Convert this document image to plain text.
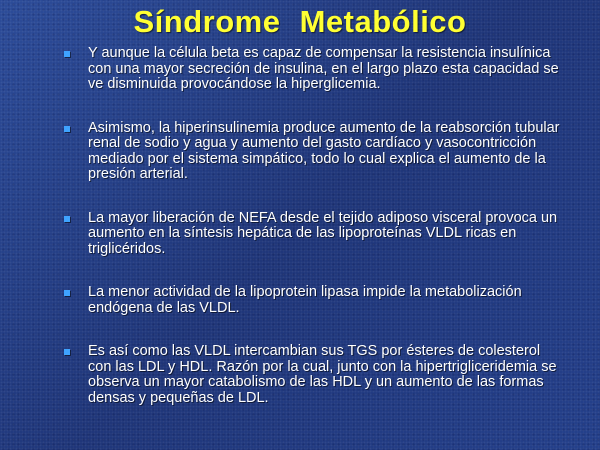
Síndrome Metabólico
Y aunque la célula beta es capaz de compensar la resistencia insulínica con una mayor secreción de insulina, en el largo plazo esta capacidad se ve disminuida provocándose la hiperglicemia.
Asimismo, la hiperinsulinemia produce aumento de la reabsorción tubular renal de sodio y agua y aumento del gasto cardíaco y vasocontricción mediado por el sistema simpático, todo lo cual explica el aumento de la presión arterial.
La mayor liberación de NEFA desde el tejido adiposo visceral provoca un aumento en la síntesis hepática de las lipoproteínas VLDL ricas en triglicéridos.
La menor actividad de la lipoprotein lipasa impide la metabolización endógena de las VLDL.
Es así como las VLDL intercambian sus TGS por ésteres de colesterol con las LDL y HDL. Razón por la cual, junto con la hipertrigliceridemia se observa un mayor catabolismo de las HDL y un aumento de las formas densas y pequeñas de LDL.
